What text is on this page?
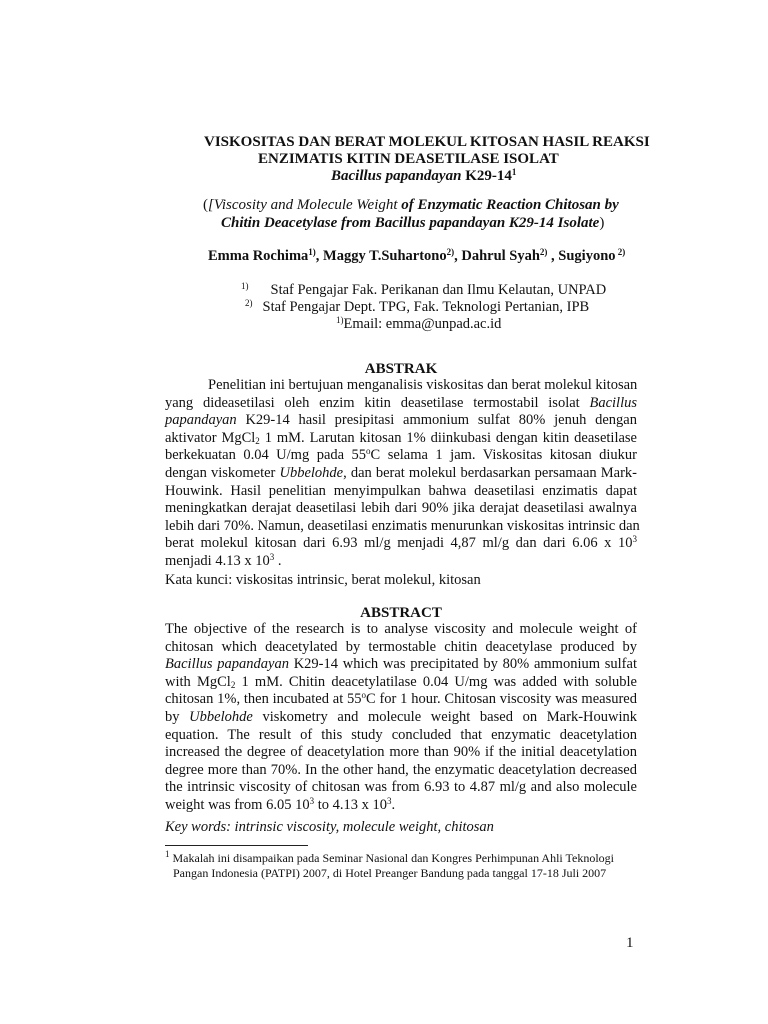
VISKOSITAS DAN BERAT MOLEKUL KITOSAN HASIL REAKSI
ENZIMATIS KITIN DEASETILASE ISOLAT
Bacillus papandayan $K29-14^1$
([Viscosity and Molecule Weight of Enzymatic Reaction Chitosan by
Chitin Deacetylase from Bacillus papandayan K29-14 Isolate)
Emma Rochima$^{1)}$, Maggy T.Suhartono$^{2)}$, Dahrul Syah$^{2)}$ , Sugiyono $^{2)}$
$^{1)}$ Staf Pengajar Fak. Perikanan dan Ilmu Kelautan, UNPAD
$^{2)}$ Staf Pengajar Dept. TPG, Fak. Teknologi Pertanian, IPB
$^{1)}$Email: emma@unpad.ac.id
ABSTRAK
Penelitian ini bertujuan menganalisis viskositas dan berat molekul kitosan
yang dideasetilasi oleh enzim kitin deasetilase termostabil isolat Bacillus
papandayan K29-14 hasil presipitasi ammonium sulfat 80% jenuh dengan
aktivator MgCl$_2$ 1 mM. Larutan kitosan 1% diinkubasi dengan kitin deasetilase
berkekuatan 0.04 U/mg pada 55$^o$C selama 1 jam. Viskositas kitosan diukur
dengan viskometer Ubbelohde, dan berat molekul berdasarkan persamaan Mark-
Houwink. Hasil penelitian menyimpulkan bahwa deasetilasi enzimatis dapat
meningkatkan derajat deasetilasi lebih dari 90% jika derajat deasetilasi awalnya
lebih dari 70%. Namun, deasetilasi enzimatis menurunkan viskositas intrinsic dan
berat molekul kitosan dari 6.93 ml/g menjadi 4,87 ml/g dan dari 6.06 x $10^3$
menjadi 4.13 x $10^3$ .
Kata kunci: viskositas intrinsic, berat molekul, kitosan
ABSTRACT
The objective of the research is to analyse viscosity and molecule weight of
chitosan which deacetylated by termostable chitin deacetylase produced by
Bacillus papandayan K29-14 which was precipitated by 80% ammonium sulfat
with MgCl$_2$ 1 mM. Chitin deacetylatilase 0.04 U/mg was added with soluble
chitosan 1%, then incubated at 55$^o$C for 1 hour. Chitosan viscosity was measured
by Ubbelohde viskometry and molecule weight based on Mark-Houwink
equation. The result of this study concluded that enzymatic deacetylation
increased the degree of deacetylation more than 90% if the initial deacetylation
degree more than 70%. In the other hand, the enzymatic deacetylation decreased
the intrinsic viscosity of chitosan was from 6.93 to 4.87 ml/g and also molecule
weight was from 6.05 $10^3$ to 4.13 x $10^3$.
Key words: intrinsic viscosity, molecule weight, chitosan
$^1$ Makalah ini disampaikan pada Seminar Nasional dan Kongres Perhimpunan Ahli Teknologi
Pangan Indonesia (PATPI) 2007, di Hotel Preanger Bandung pada tanggal 17-18 Juli 2007
1
